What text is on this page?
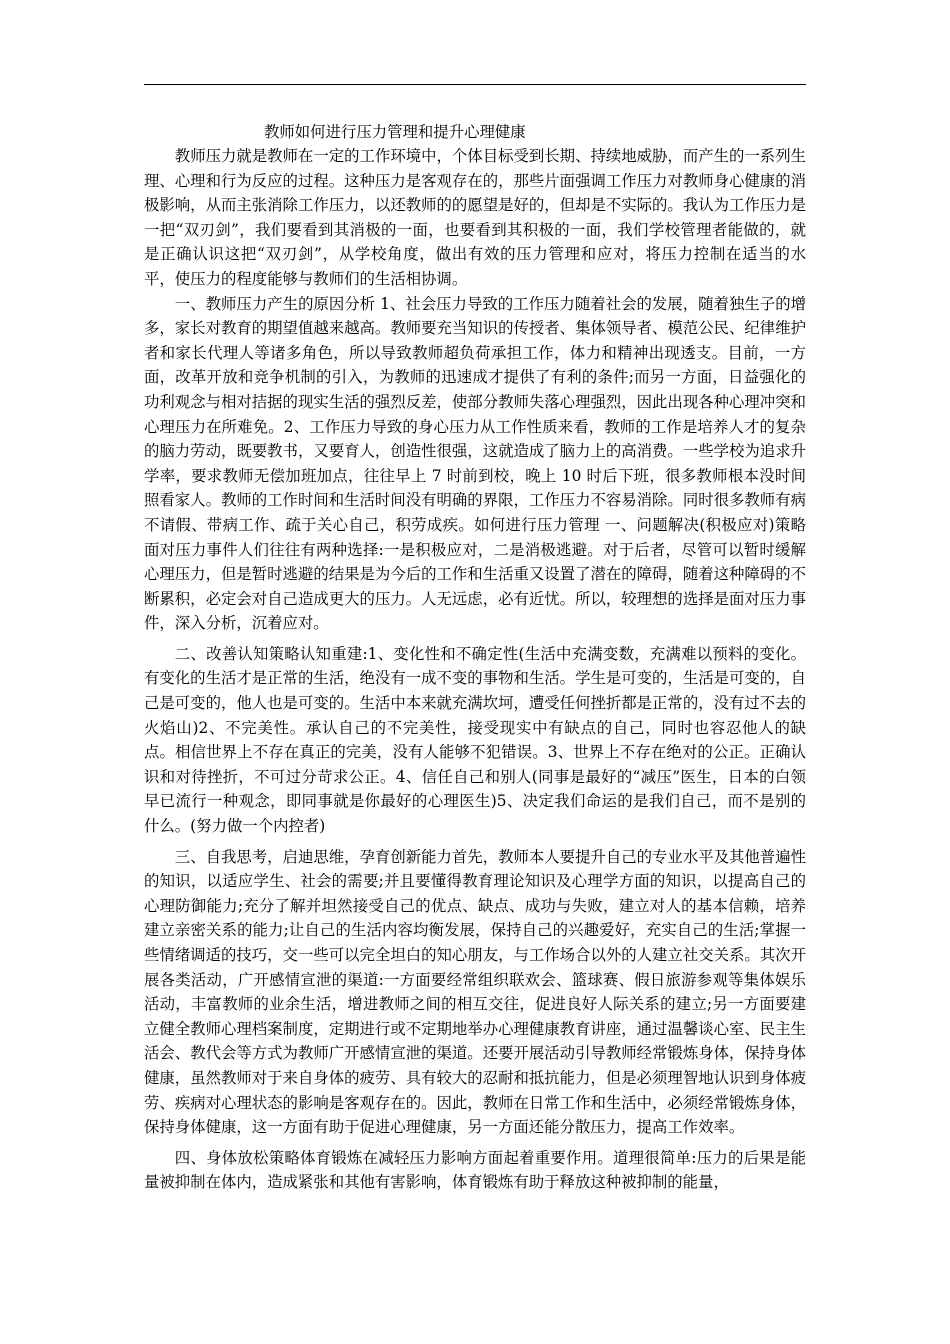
教师如何进行压力管理和提升心理健康

教师压力就是教师在一定的工作环境中，个体目标受到长期、持续地威胁，而产生的一系列生理、心理和行为反应的过程。这种压力是客观存在的，那些片面强调工作压力对教师身心健康的消极影响，从而主张消除工作压力，以还教师的的愿望是好的，但却是不实际的。我认为工作压力是一把“双刃剑”，我们要看到其消极的一面，也要看到其积极的一面，我们学校管理者能做的，就是正确认识这把“双刃剑”，从学校角度，做出有效的压力管理和应对，将压力控制在适当的水平，使压力的程度能够与教师们的生活相协调。

一、教师压力产生的原因分析 1、社会压力导致的工作压力随着社会的发展，随着独生子的增多，家长对教育的期望值越来越高。教师要充当知识的传授者、集体领导者、模范公民、纪律维护者和家长代理人等诸多角色，所以导致教师超负荷承担工作，体力和精神出现透支。目前，一方面，改革开放和竞争机制的引入，为教师的迅速成才提供了有利的条件;而另一方面，日益强化的功利观念与相对拮据的现实生活的强烈反差，使部分教师失落心理强烈，因此出现各种心理冲突和心理压力在所难免。2、工作压力导致的身心压力从工作性质来看，教师的工作是培养人才的复杂的脑力劳动，既要教书，又要育人，创造性很强，这就造成了脑力上的高消费。一些学校为追求升学率，要求教师无偿加班加点，往往早上 7 时前到校，晚上 10 时后下班，很多教师根本没时间照看家人。教师的工作时间和生活时间没有明确的界限，工作压力不容易消除。同时很多教师有病不请假、带病工作、疏于关心自己，积劳成疾。如何进行压力管理 一、问题解决(积极应对)策略面对压力事件人们往往有两种选择:一是积极应对，二是消极逃避。对于后者，尽管可以暂时缓解心理压力，但是暂时逃避的结果是为今后的工作和生活重又设置了潜在的障碍，随着这种障碍的不断累积，必定会对自己造成更大的压力。人无远虑，必有近忧。所以，较理想的选择是面对压力事件，深入分析，沉着应对。

二、改善认知策略认知重建:1、变化性和不确定性(生活中充满变数，充满难以预料的变化。有变化的生活才是正常的生活，绝没有一成不变的事物和生活。学生是可变的，生活是可变的，自己是可变的，他人也是可变的。生活中本来就充满坎坷，遭受任何挫折都是正常的，没有过不去的火焰山)2、不完美性。承认自己的不完美性，接受现实中有缺点的自己，同时也容忍他人的缺点。相信世界上不存在真正的完美，没有人能够不犯错误。3、世界上不存在绝对的公正。正确认识和对待挫折，不可过分苛求公正。4、信任自己和别人(同事是最好的“减压”医生，日本的白领早已流行一种观念，即同事就是你最好的心理医生)5、决定我们命运的是我们自己，而不是别的什么。(努力做一个内控者)

三、自我思考，启迪思维，孕育创新能力首先，教师本人要提升自己的专业水平及其他普遍性的知识，以适应学生、社会的需要;并且要懂得教育理论知识及心理学方面的知识，以提高自己的心理防御能力;充分了解并坦然接受自己的优点、缺点、成功与失败，建立对人的基本信赖，培养建立亲密关系的能力;让自己的生活内容均衡发展，保持自己的兴趣爱好，充实自己的生活;掌握一些情绪调适的技巧，交一些可以完全坦白的知心朋友，与工作场合以外的人建立社交关系。其次开展各类活动，广开感情宣泄的渠道:一方面要经常组织联欢会、篮球赛、假日旅游参观等集体娱乐活动，丰富教师的业余生活，增进教师之间的相互交往，促进良好人际关系的建立;另一方面要建立健全教师心理档案制度，定期进行或不定期地举办心理健康教育讲座，通过温馨谈心室、民主生活会、教代会等方式为教师广开感情宣泄的渠道。还要开展活动引导教师经常锻炼身体，保持身体健康，虽然教师对于来自身体的疲劳、具有较大的忍耐和抵抗能力，但是必须理智地认识到身体疲劳、疾病对心理状态的影响是客观存在的。因此，教师在日常工作和生活中，必须经常锻炼身体，保持身体健康，这一方面有助于促进心理健康，另一方面还能分散压力，提高工作效率。

四、身体放松策略体育锻炼在减轻压力影响方面起着重要作用。道理很简单:压力的后果是能量被抑制在体内，造成紧张和其他有害影响，体育锻炼有助于释放这种被抑制的能量，
